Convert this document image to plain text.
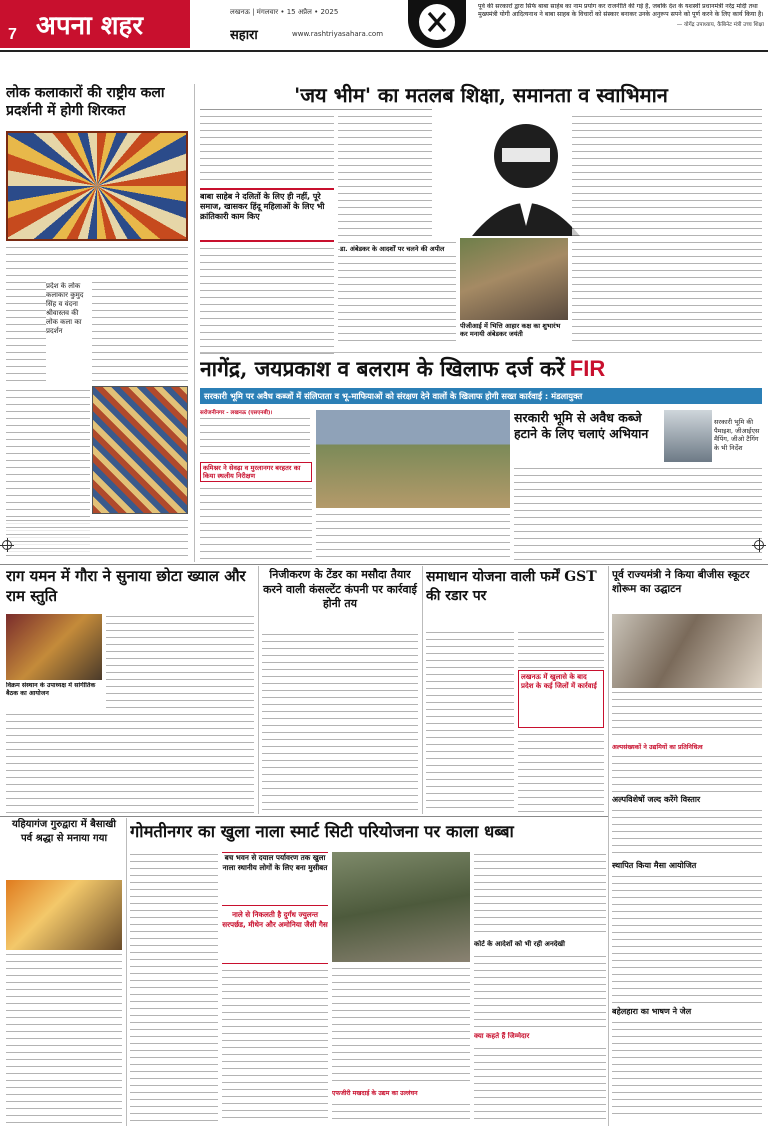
7 अपना शहर	लखनऊ | मंगलवार • 15 अप्रैल • 2025
सहारा	www.rashtriyasahara.com
पूर्व की सरकारों द्वारा सिर्फ बाबा साहेब का नाम प्रयोग कर राजनीति की गई है, जबकि देश के यशस्वी प्रधानमंत्री नरेंद्र मोदी तथा मुख्यमंत्री योगी आदित्यनाथ ने बाबा साहब के विचारों को संस्कार बनाकर उनके अनुरूप सपने को पूर्ण करने के लिए कार्य किया है।
— योगेंद्र उपाध्याय, कैबिनेट मंत्री उच्च शिक्षा
लोक कलाकारों की राष्ट्रीय कला प्रदर्शनी में होगी शिरकत
प्रदेश के लोक कलाकार कुमुद सिंह व वंदना श्रीवास्तव की लोक कला का प्रदर्शन
'जय भीम' का मतलब शिक्षा, समानता व स्वाभिमान
बाबा साहेब ने दलितों के लिए ही नहीं, पूरे समाज, खासकर हिंदू महिलाओं के लिए भी क्रांतिकारी काम किए
डा. अंबेडकर के आदर्शों पर चलने की अपील
पीजीआई में भित्ति आहार कक्ष का शुभारंभ कर मनायी अंबेडकर जयंती
नागेंद्र, जयप्रकाश व बलराम के खिलाफ दर्ज करें FIR
सरकारी भूमि पर अवैध कब्जों में संलिप्तता व भू-माफियाओं को संरक्षण देने वालों के खिलाफ होगी सख्त कार्रवाई : मंडलायुक्त
सरोजनीनगर - लखनऊ (एसएनबी)।
कमिश्नर ने सेवढ़ा व मुरलानगर बरहतर का किया स्थलीय निरीक्षण
सरकारी भूमि से अवैध कब्जे हटाने के लिए चलाएं अभियान
सरकारी भूमि की पैमाइश, जीआईएस मैपिंग, जीओ टैगिंग के भी निर्देश
राग यमन में गौरा ने सुनाया छोटा ख्याल और राम स्तुति
विक्रम संस्थान के उपाध्यक्ष में सांगीतिक बैठक का आयोजन
निजीकरण के टेंडर का मसौदा तैयार करने वाली कंसल्टेंट कंपनी पर कार्रवाई होनी तय
समाधान योजना वाली फर्में GST की रडार पर
लखनऊ में खुलासे के बाद प्रदेश के कई जिलों में कार्रवाई
पूर्व राज्यमंत्री ने किया बीजीस स्कूटर शोरूम का उद्घाटन
अल्पसंख्यकों ने उद्यमियों का प्रतिनिधित्व
अल्पविशेषों जल्द करेंगे विस्तार
स्थापित किया मैसा आयोजित
बहेलहारा का भाषण ने जेल
यहियागंज गुरुद्वारा में बैसाखी पर्व श्रद्धा से मनाया गया	गोमतीनगर का खुला नाला स्मार्ट सिटी परियोजना पर काला धब्बा
बच भवन से दयाल पर्यावरण तक खुला नाला स्थानीय लोगों के लिए बना मुसीबत
नाले से निकलती है दुर्गंध ज्युलन्त सरपर्छड, मीथेन और अमोनिया जैसी गैस
एफजीरी मखदाई के उद्यम का उल्लंघन
कोर्ट के आदेशों को भी रही अनदेखी
क्या कहते हैं जिम्मेदार
